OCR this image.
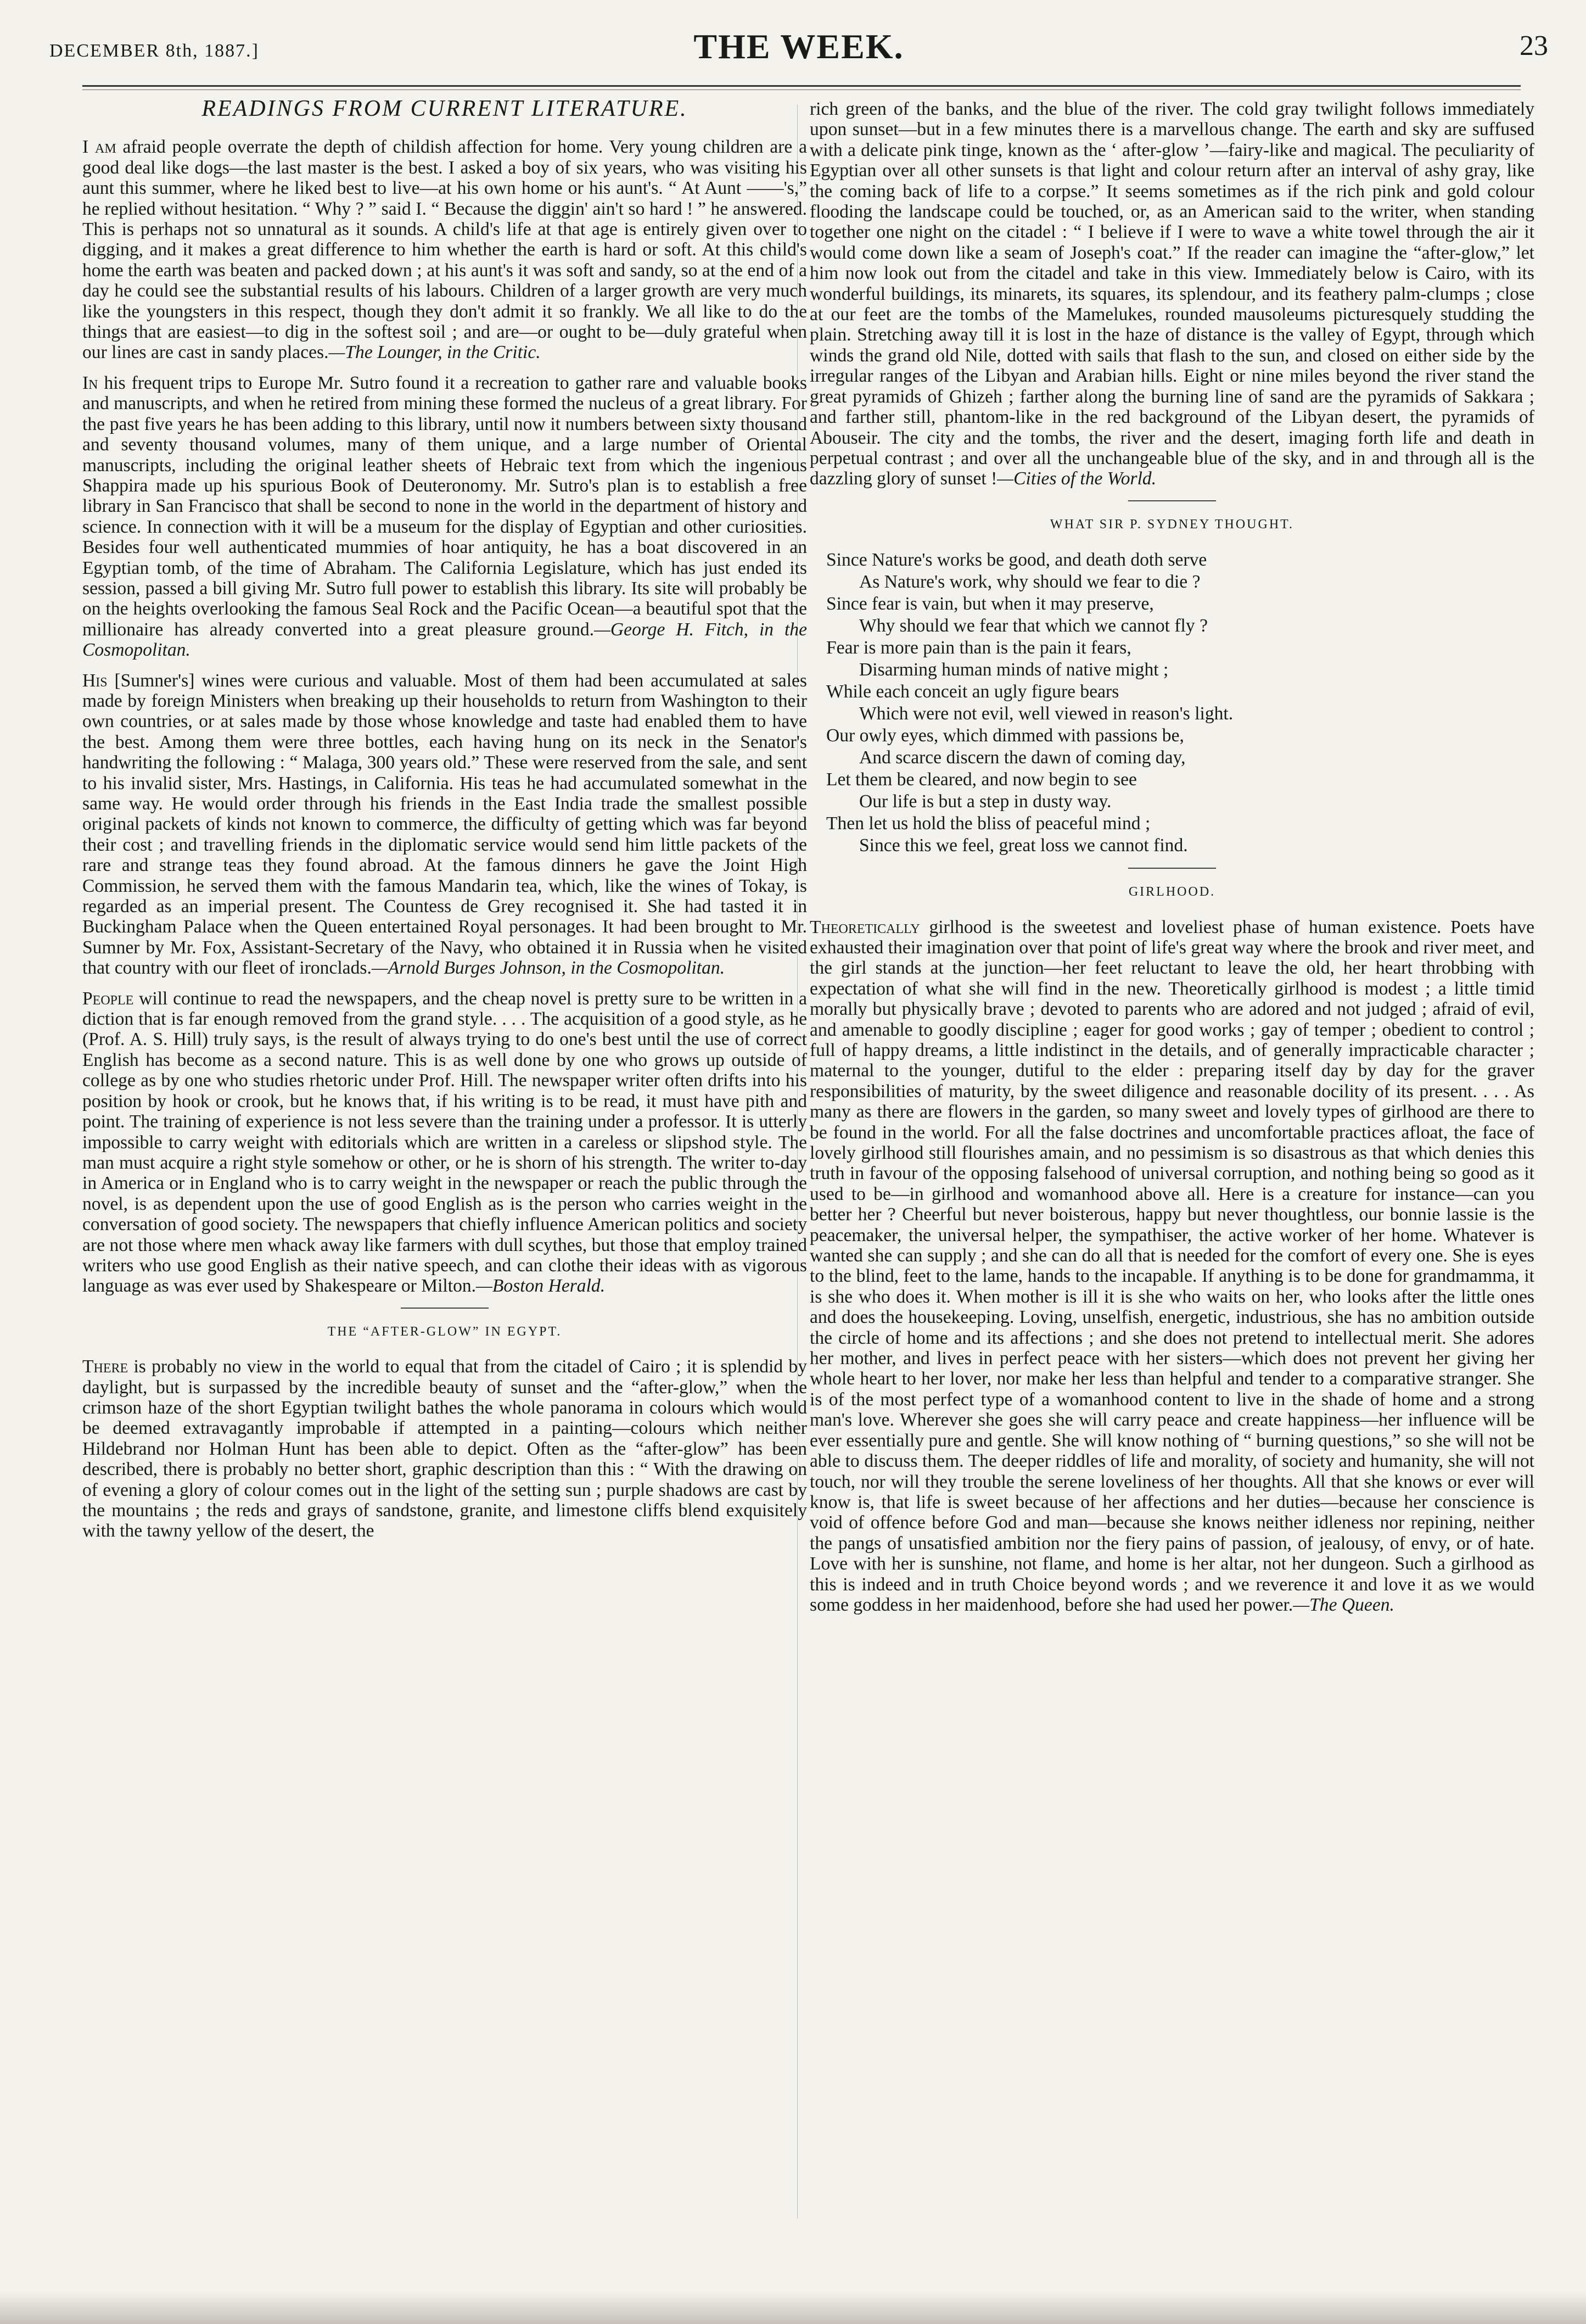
DECEMBER 8th, 1887.]	THE WEEK.	23
READINGS FROM CURRENT LITERATURE.

I am afraid people overrate the depth of childish affection for home. Very young children are a good deal like dogs—the last master is the best. I asked a boy of six years, who was visiting his aunt this summer, where he liked best to live—at his own home or his aunt's. “ At Aunt ——'s,” he replied without hesitation. “ Why ? ” said I. “ Because the diggin' ain't so hard ! ” he answered. This is perhaps not so unnatural as it sounds. A child's life at that age is entirely given over to digging, and it makes a great difference to him whether the earth is hard or soft. At this child's home the earth was beaten and packed down ; at his aunt's it was soft and sandy, so at the end of a day he could see the substantial results of his labours. Children of a larger growth are very much like the youngsters in this respect, though they don't admit it so frankly. We all like to do the things that are easiest—to dig in the softest soil ; and are—or ought to be—duly grateful when our lines are cast in sandy places.—The Lounger, in the Critic.

In his frequent trips to Europe Mr. Sutro found it a recreation to gather rare and valuable books and manuscripts, and when he retired from mining these formed the nucleus of a great library. For the past five years he has been adding to this library, until now it numbers between sixty thousand and seventy thousand volumes, many of them unique, and a large number of Oriental manuscripts, including the original leather sheets of Hebraic text from which the ingenious Shappira made up his spurious Book of Deuteronomy. Mr. Sutro's plan is to establish a free library in San Francisco that shall be second to none in the world in the department of history and science. In connection with it will be a museum for the display of Egyptian and other curiosities. Besides four well authenticated mummies of hoar antiquity, he has a boat discovered in an Egyptian tomb, of the time of Abraham. The California Legislature, which has just ended its session, passed a bill giving Mr. Sutro full power to establish this library. Its site will probably be on the heights overlooking the famous Seal Rock and the Pacific Ocean—a beautiful spot that the millionaire has already converted into a great pleasure ground.—George H. Fitch, in the Cosmopolitan.

His [Sumner's] wines were curious and valuable. Most of them had been accumulated at sales made by foreign Ministers when breaking up their households to return from Washington to their own countries, or at sales made by those whose knowledge and taste had enabled them to have the best. Among them were three bottles, each having hung on its neck in the Senator's handwriting the following : “ Malaga, 300 years old.” These were reserved from the sale, and sent to his invalid sister, Mrs. Hastings, in California. His teas he had accumulated somewhat in the same way. He would order through his friends in the East India trade the smallest possible original packets of kinds not known to commerce, the difficulty of getting which was far beyond their cost ; and travelling friends in the diplomatic service would send him little packets of the rare and strange teas they found abroad. At the famous dinners he gave the Joint High Commission, he served them with the famous Mandarin tea, which, like the wines of Tokay, is regarded as an imperial present. The Countess de Grey recognised it. She had tasted it in Buckingham Palace when the Queen entertained Royal personages. It had been brought to Mr. Sumner by Mr. Fox, Assistant-Secretary of the Navy, who obtained it in Russia when he visited that country with our fleet of ironclads.—Arnold Burges Johnson, in the Cosmopolitan.

People will continue to read the newspapers, and the cheap novel is pretty sure to be written in a diction that is far enough removed from the grand style. . . . The acquisition of a good style, as he (Prof. A. S. Hill) truly says, is the result of always trying to do one's best until the use of correct English has become as a second nature. This is as well done by one who grows up outside of college as by one who studies rhetoric under Prof. Hill. The newspaper writer often drifts into his position by hook or crook, but he knows that, if his writing is to be read, it must have pith and point. The training of experience is not less severe than the training under a professor. It is utterly impossible to carry weight with editorials which are written in a careless or slipshod style. The man must acquire a right style somehow or other, or he is shorn of his strength. The writer to-day in America or in England who is to carry weight in the newspaper or reach the public through the novel, is as dependent upon the use of good English as is the person who carries weight in the conversation of good society. The newspapers that chiefly influence American politics and society are not those where men whack away like farmers with dull scythes, but those that employ trained writers who use good English as their native speech, and can clothe their ideas with as vigorous language as was ever used by Shakespeare or Milton.—Boston Herald.

THE “AFTER-GLOW” IN EGYPT.

There is probably no view in the world to equal that from the citadel of Cairo ; it is splendid by daylight, but is surpassed by the incredible beauty of sunset and the “after-glow,” when the crimson haze of the short Egyptian twilight bathes the whole panorama in colours which would be deemed extravagantly improbable if attempted in a painting—colours which neither Hildebrand nor Holman Hunt has been able to depict. Often as the “after-glow” has been described, there is probably no better short, graphic description than this : “ With the drawing on of evening a glory of colour comes out in the light of the setting sun ; purple shadows are cast by the mountains ; the reds and grays of sandstone, granite, and limestone cliffs blend exquisitely with the tawny yellow of the desert, the

rich green of the banks, and the blue of the river. The cold gray twilight follows immediately upon sunset—but in a few minutes there is a marvellous change. The earth and sky are suffused with a delicate pink tinge, known as the ‘ after-glow ’—fairy-like and magical. The peculiarity of Egyptian over all other sunsets is that light and colour return after an interval of ashy gray, like the coming back of life to a corpse.” It seems sometimes as if the rich pink and gold colour flooding the landscape could be touched, or, as an American said to the writer, when standing together one night on the citadel : “ I believe if I were to wave a white towel through the air it would come down like a seam of Joseph's coat.” If the reader can imagine the “after-glow,” let him now look out from the citadel and take in this view. Immediately below is Cairo, with its wonderful buildings, its minarets, its squares, its splendour, and its feathery palm-clumps ; close at our feet are the tombs of the Mamelukes, rounded mausoleums picturesquely studding the plain. Stretching away till it is lost in the haze of distance is the valley of Egypt, through which winds the grand old Nile, dotted with sails that flash to the sun, and closed on either side by the irregular ranges of the Libyan and Arabian hills. Eight or nine miles beyond the river stand the great pyramids of Ghizeh ; farther along the burning line of sand are the pyramids of Sakkara ; and farther still, phantom-like in the red background of the Libyan desert, the pyramids of Abouseir. The city and the tombs, the river and the desert, imaging forth life and death in perpetual contrast ; and over all the unchangeable blue of the sky, and in and through all is the dazzling glory of sunset !—Cities of the World.

WHAT SIR P. SYDNEY THOUGHT.
Since Nature's works be good, and death doth serve
As Nature's work, why should we fear to die ?
Since fear is vain, but when it may preserve,
Why should we fear that which we cannot fly ?
Fear is more pain than is the pain it fears,
Disarming human minds of native might ;
While each conceit an ugly figure bears
Which were not evil, well viewed in reason's light.
Our owly eyes, which dimmed with passions be,
And scarce discern the dawn of coming day,
Let them be cleared, and now begin to see
Our life is but a step in dusty way.
Then let us hold the bliss of peaceful mind ;
Since this we feel, great loss we cannot find.
GIRLHOOD.

Theoretically girlhood is the sweetest and loveliest phase of human existence. Poets have exhausted their imagination over that point of life's great way where the brook and river meet, and the girl stands at the junction—her feet reluctant to leave the old, her heart throbbing with expectation of what she will find in the new. Theoretically girlhood is modest ; a little timid morally but physically brave ; devoted to parents who are adored and not judged ; afraid of evil, and amenable to goodly discipline ; eager for good works ; gay of temper ; obedient to control ; full of happy dreams, a little indistinct in the details, and of generally impracticable character ; maternal to the younger, dutiful to the elder : preparing itself day by day for the graver responsibilities of maturity, by the sweet diligence and reasonable docility of its present. . . . As many as there are flowers in the garden, so many sweet and lovely types of girlhood are there to be found in the world. For all the false doctrines and uncomfortable practices afloat, the face of lovely girlhood still flourishes amain, and no pessimism is so disastrous as that which denies this truth in favour of the opposing falsehood of universal corruption, and nothing being so good as it used to be—in girlhood and womanhood above all. Here is a creature for instance—can you better her ? Cheerful but never boisterous, happy but never thoughtless, our bonnie lassie is the peacemaker, the universal helper, the sympathiser, the active worker of her home. Whatever is wanted she can supply ; and she can do all that is needed for the comfort of every one. She is eyes to the blind, feet to the lame, hands to the incapable. If anything is to be done for grandmamma, it is she who does it. When mother is ill it is she who waits on her, who looks after the little ones and does the housekeeping. Loving, unselfish, energetic, industrious, she has no ambition outside the circle of home and its affections ; and she does not pretend to intellectual merit. She adores her mother, and lives in perfect peace with her sisters—which does not prevent her giving her whole heart to her lover, nor make her less than helpful and tender to a comparative stranger. She is of the most perfect type of a womanhood content to live in the shade of home and a strong man's love. Wherever she goes she will carry peace and create happiness—her influence will be ever essentially pure and gentle. She will know nothing of “ burning questions,” so she will not be able to discuss them. The deeper riddles of life and morality, of society and humanity, she will not touch, nor will they trouble the serene loveliness of her thoughts. All that she knows or ever will know is, that life is sweet because of her affections and her duties—because her conscience is void of offence before God and man—because she knows neither idleness nor repining, neither the pangs of unsatisfied ambition nor the fiery pains of passion, of jealousy, of envy, or of hate. Love with her is sunshine, not flame, and home is her altar, not her dungeon. Such a girlhood as this is indeed and in truth Choice beyond words ; and we reverence it and love it as we would some goddess in her maidenhood, before she had used her power.—The Queen.
